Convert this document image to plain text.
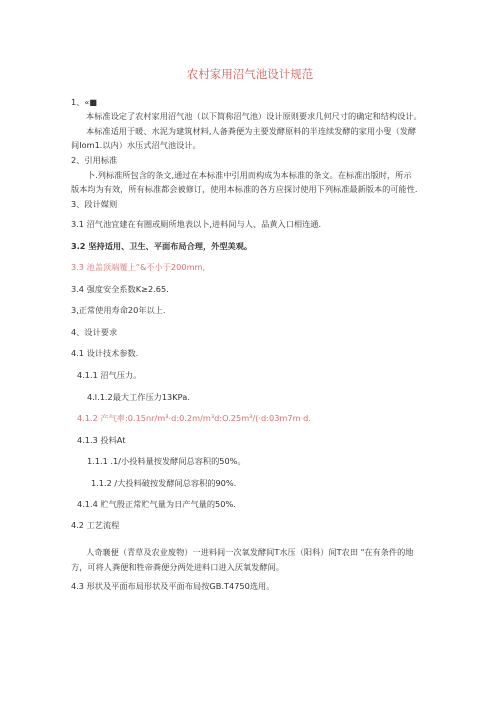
农村家用沼气池设计规范
1、«■
本标准设定了农村家用沼气池（以下简称沼气池）设计原则要求几何尺寸的确定和结构设计。
本标准适用于暖、水泥为建筑材料,人备粪便为主要发酵原料的半连续发酵的家用小叟（发酵
间Iom1.以内）水压式沼气池设计。
2、引用标准
卜.列标准所包含的条文,通过在本标准中引用而构成为本标准的条文。在标准出版时，所示
版本均为有效，所有标准都会被修订，使用本标准的各方应探讨使用下列标准最新版本的可能性.
3、段计媒则
3.1 沼气池宜建在有圈或厕所地表以卜,进料间与人、品黄入口相连通.
3.2 坚持适用、卫生、平面布局合理，外型美观。
3.3 池盖顶端覆上”&不小于200mm,
3.4 强度安全系数K≥2.65.
3,正常使用寿命20年以上.
4、设计要求
4.1 设计技术参数.
4.1.1 沼气压力。
4.l.1.2最大工作压力13KPa.
4.1.2 产气率:0.15nr/m³·d:0.2m/m³d:O.25m³/(·d:03m7m·d.
4.1.3 投料At
1.1.1 .1/小投料量按发酵间总容积的50%。
1.1.2 /大投料破按发酵间总容积的90%.
4.1.4 贮气殷正常贮气量为日产气量的50%.
4.2 工艺流程
人奇襄便（青草及农业废物）一进料间一次氧发酵间T水压（阳科）间T农田 "在有条件的地
方，可将人粪便和牲帝粪便分两处进料口进入厌氧发酵间。
4.3 形状及平面布局形状及平面布局按GB.T4750选用。
